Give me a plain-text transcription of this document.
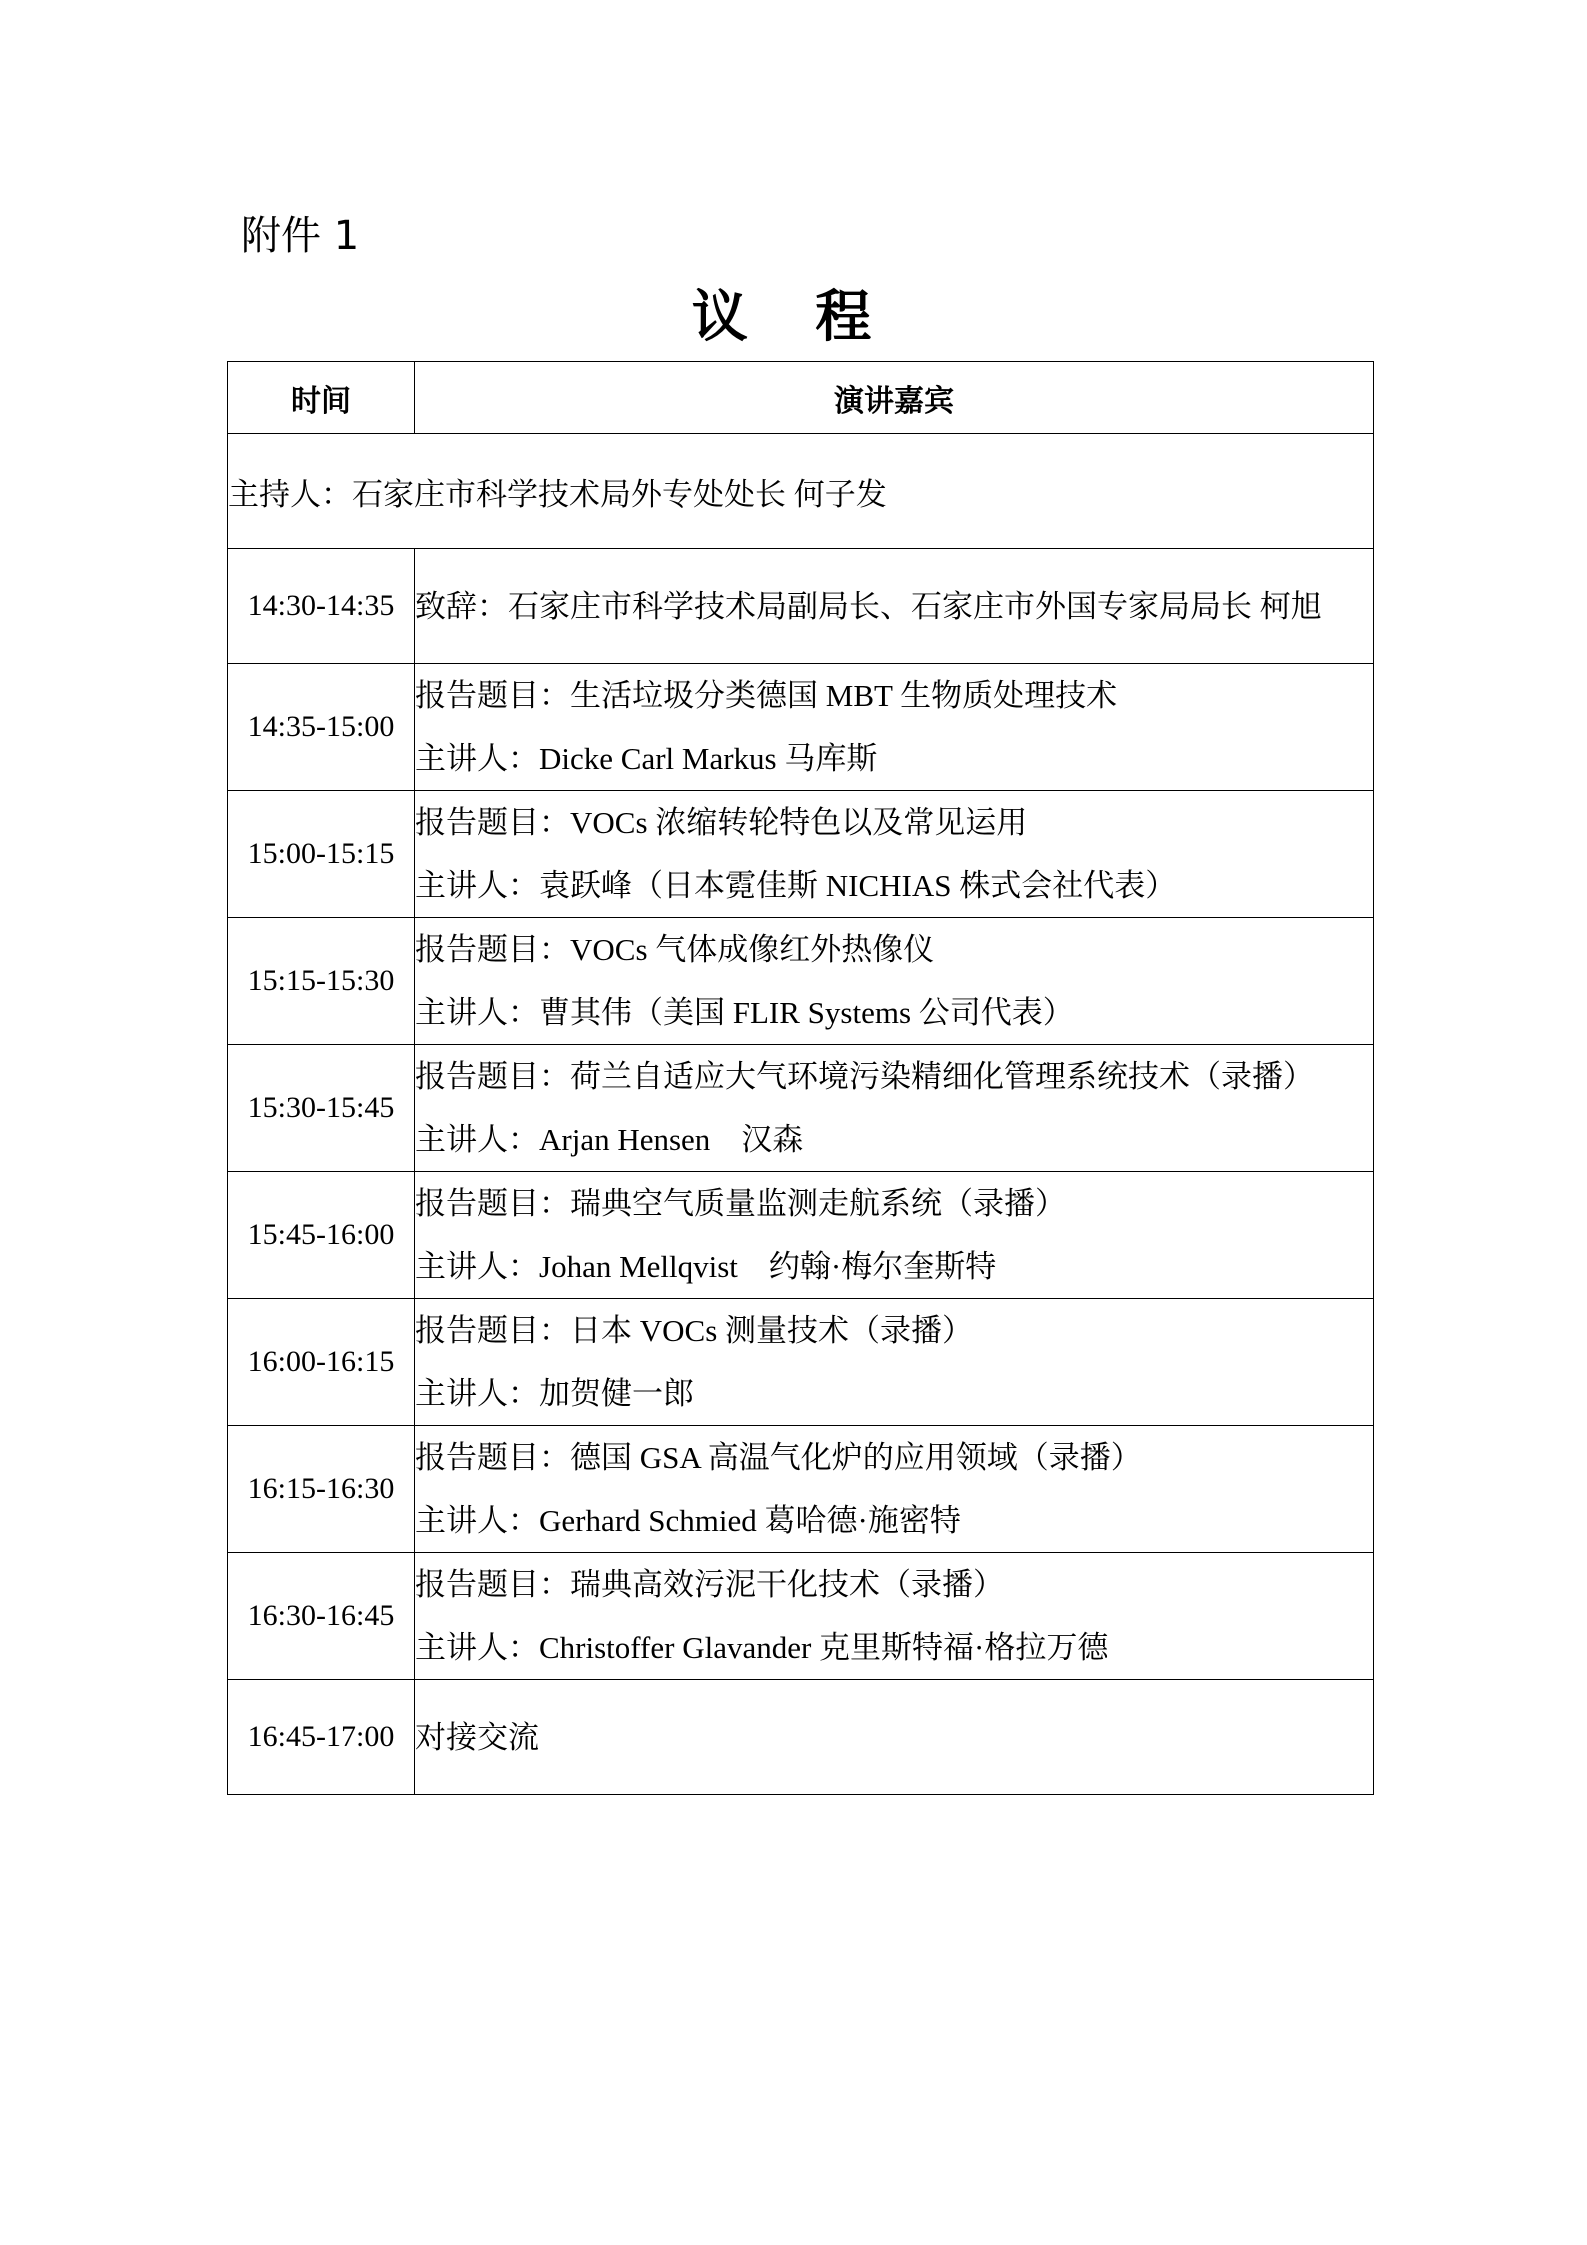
附件 1
议 程
时间	演讲嘉宾
主持人：石家庄市科学技术局外专处处长 何子发	
14:30-14:35	致辞：石家庄市科学技术局副局长、石家庄市外国专家局局长 柯旭

14:35-15:00	报告题目：生活垃圾分类德国 MBT 生物质处理技术
主讲人：Dicke Carl Markus 马库斯

15:00-15:15	报告题目：VOCs 浓缩转轮特色以及常见运用
主讲人：袁跃峰（日本霓佳斯 NICHIAS 株式会社代表）

15:15-15:30	报告题目：VOCs 气体成像红外热像仪
主讲人：曹其伟（美国 FLIR Systems 公司代表）

15:30-15:45	报告题目：荷兰自适应大气环境污染精细化管理系统技术（录播）
主讲人：Arjan Hensen　汉森

15:45-16:00	报告题目：瑞典空气质量监测走航系统（录播）
主讲人：Johan Mellqvist　约翰·梅尔奎斯特

16:00-16:15	报告题目：日本 VOCs 测量技术（录播）
主讲人：加贺健一郎

16:15-16:30	报告题目：德国 GSA 高温气化炉的应用领域（录播）
主讲人：Gerhard Schmied 葛哈德·施密特

16:30-16:45	报告题目：瑞典高效污泥干化技术（录播）
主讲人：Christoffer Glavander 克里斯特福·格拉万德

16:45-17:00	对接交流
